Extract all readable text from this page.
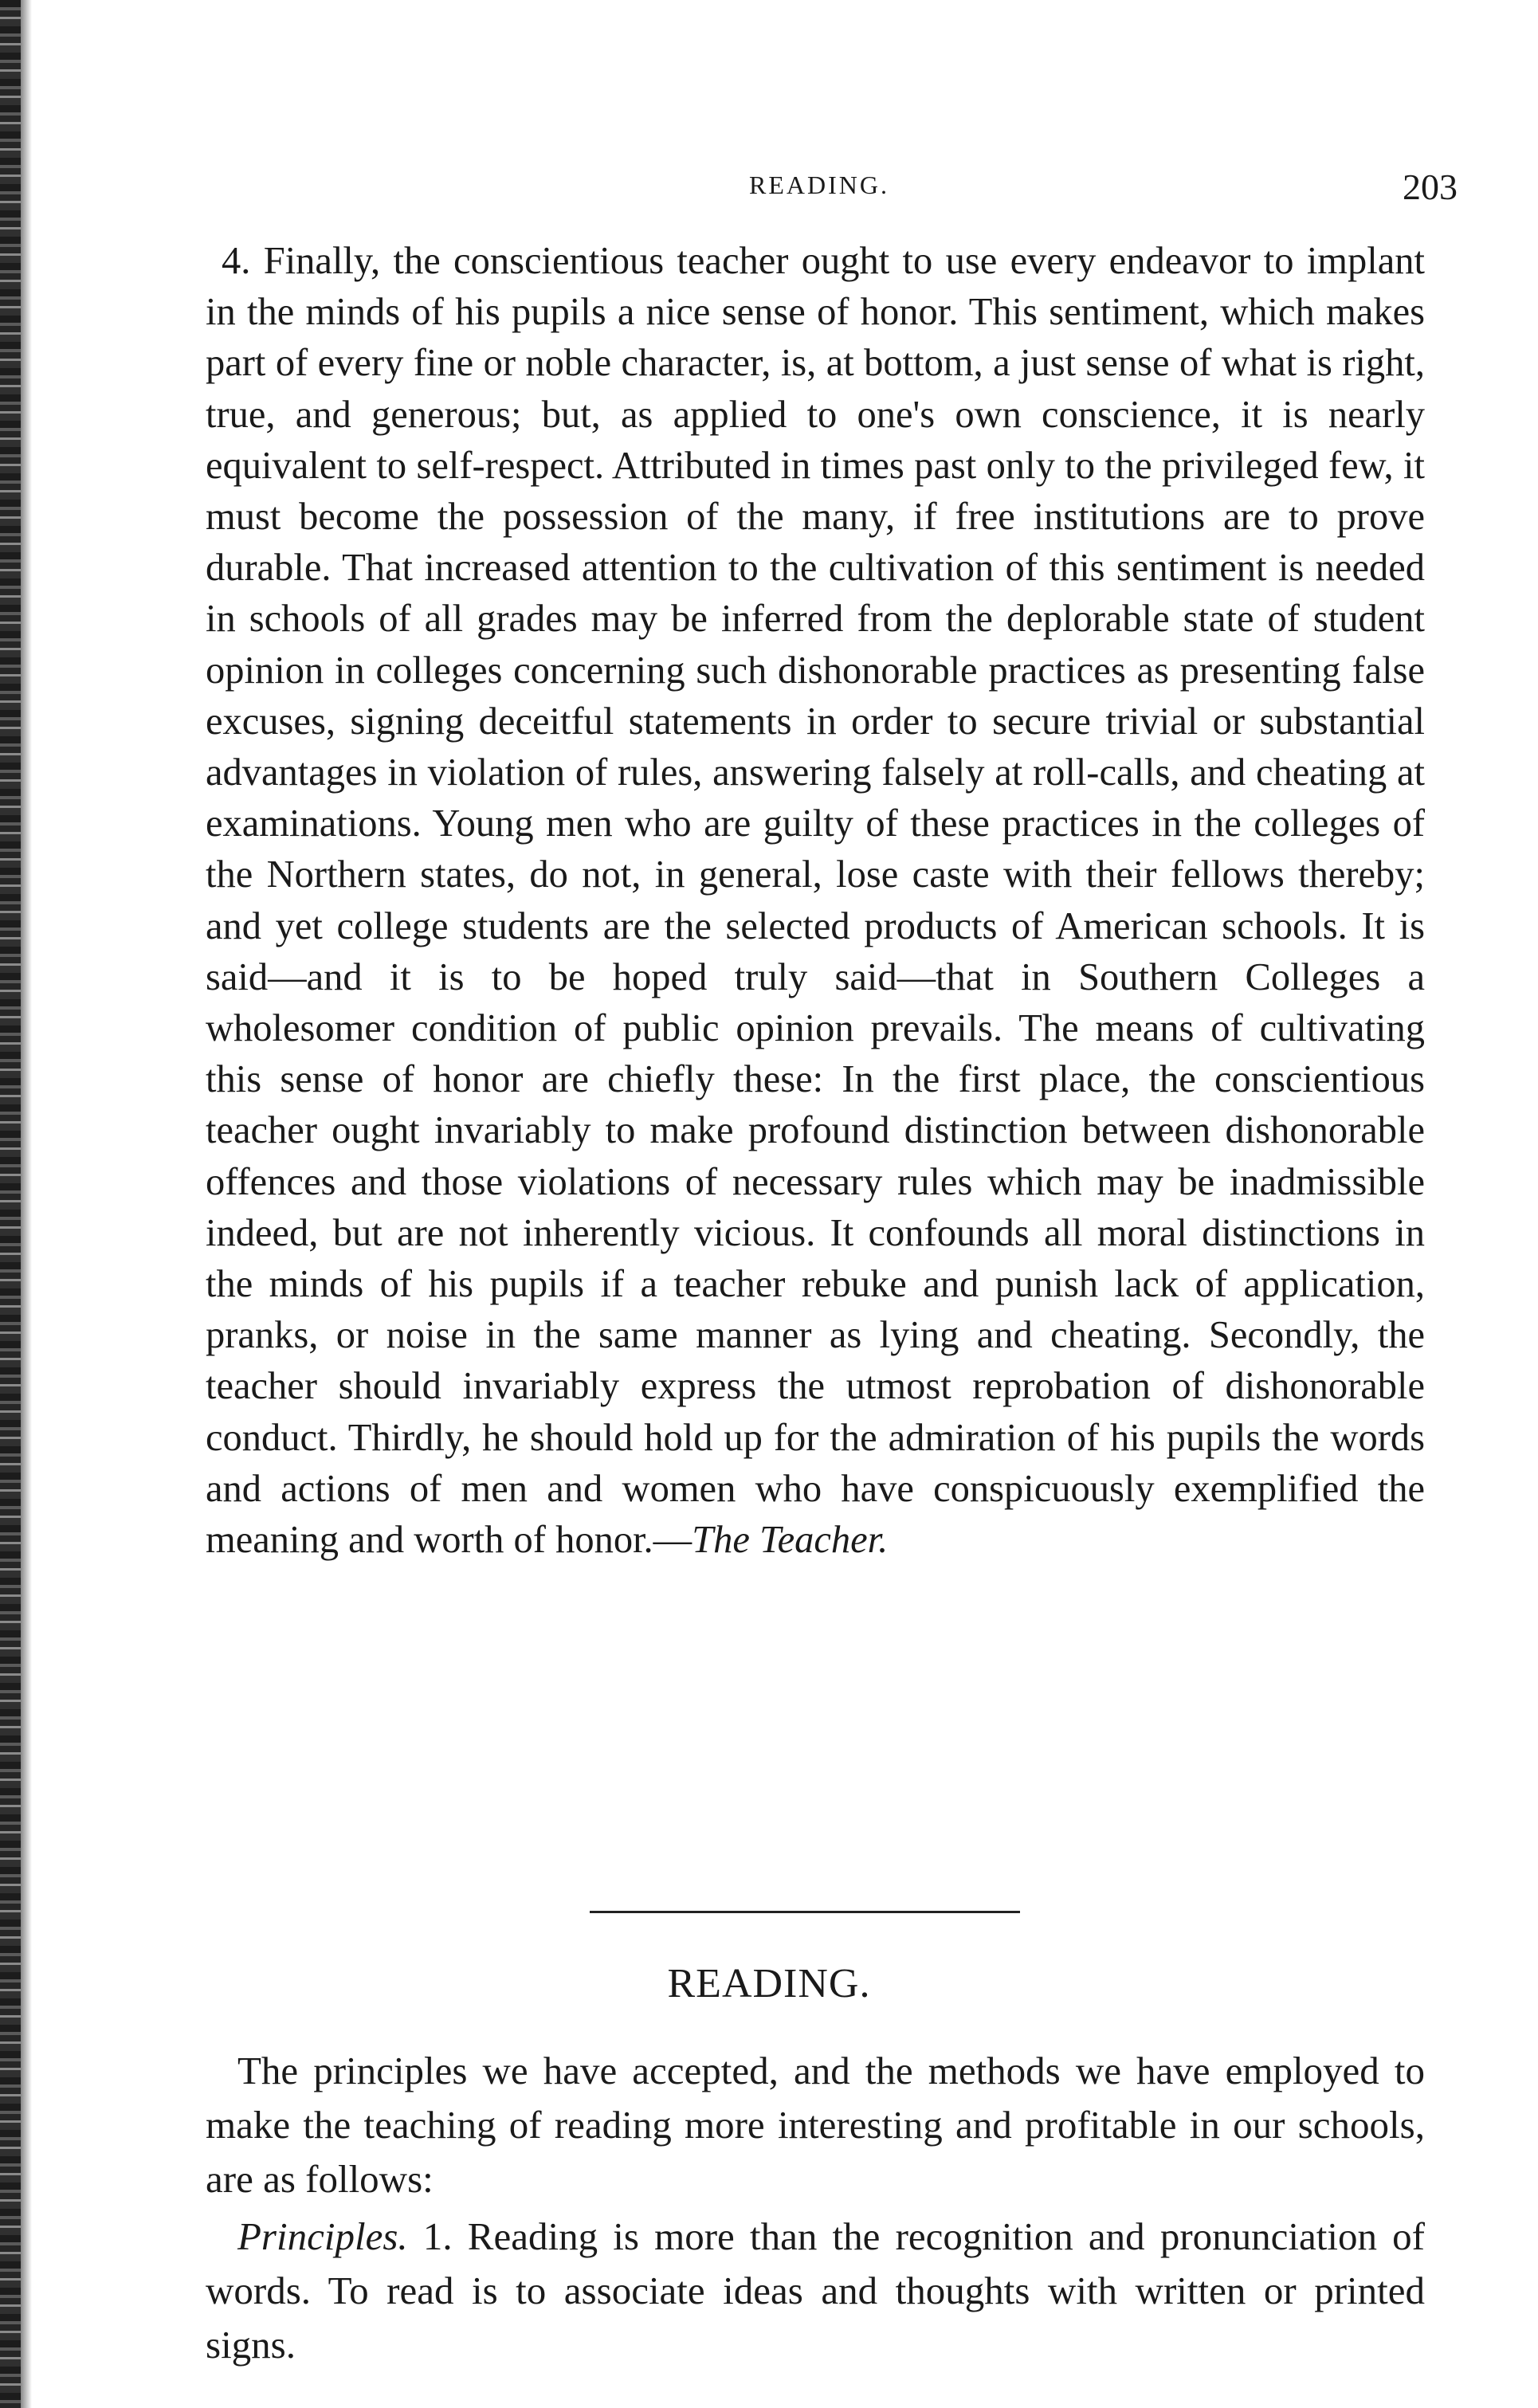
READING.	203

4. Finally, the conscientious teacher ought to use every endeavor to implant in the minds of his pupils a nice sense of honor. This sentiment, which makes part of every fine or noble character, is, at bottom, a just sense of what is right, true, and generous; but, as applied to one's own conscience, it is nearly equivalent to self-respect. Attributed in times past only to the privileged few, it must become the possession of the many, if free institutions are to prove durable. That increased attention to the cultivation of this sentiment is needed in schools of all grades may be inferred from the deplorable state of student opinion in colleges concerning such dishonorable practices as presenting false excuses, signing deceitful statements in order to secure trivial or substantial advantages in violation of rules, answering falsely at roll-calls, and cheating at examinations. Young men who are guilty of these practices in the colleges of the Northern states, do not, in general, lose caste with their fellows thereby; and yet college students are the selected products of American schools. It is said—and it is to be hoped truly said—that in Southern Colleges a wholesomer condition of public opinion prevails. The means of cultivating this sense of honor are chiefly these: In the first place, the conscientious teacher ought invariably to make profound distinction between dishonorable offences and those violations of necessary rules which may be inadmissible indeed, but are not inherently vicious. It confounds all moral distinctions in the minds of his pupils if a teacher rebuke and punish lack of application, pranks, or noise in the same manner as lying and cheating. Secondly, the teacher should invariably express the utmost reprobation of dishonorable conduct. Thirdly, he should hold up for the admiration of his pupils the words and actions of men and women who have conspicuously exemplified the meaning and worth of honor.—The Teacher.

READING.

The principles we have accepted, and the methods we have employed to make the teaching of reading more interesting and profitable in our schools, are as follows:

Principles. 1. Reading is more than the recognition and pronunciation of words. To read is to associate ideas and thoughts with written or printed signs.
